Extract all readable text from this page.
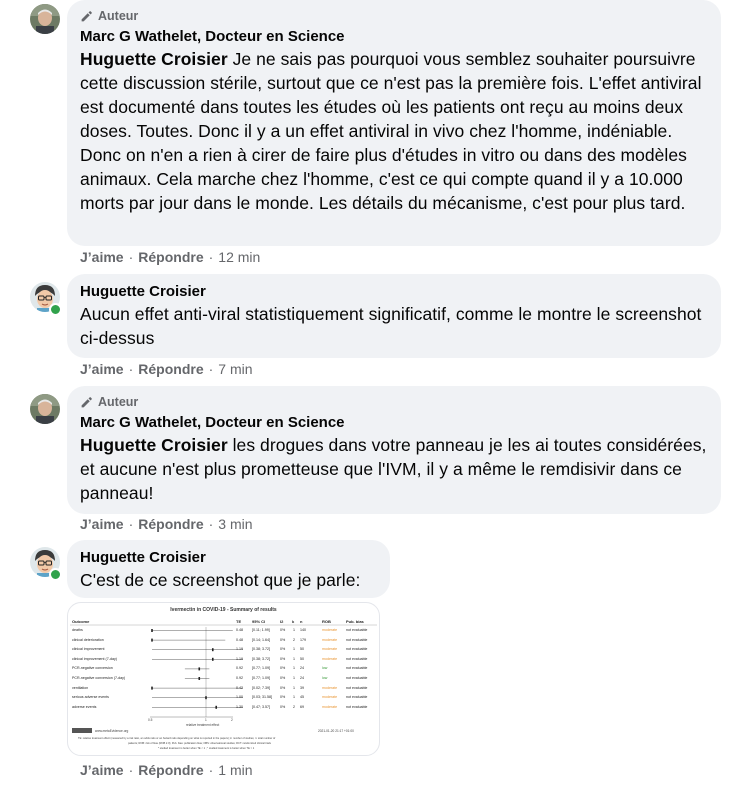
Auteur
Marc G Wathelet, Docteur en Science
Huguette Croisier Je ne sais pas pourquoi vous semblez souhaiter poursuivre cette discussion stérile, surtout que ce n'est pas la première fois. L'effet antiviral est documenté dans toutes les études où les patients ont reçu au moins deux doses. Toutes. Donc il y a un effet antiviral in vivo chez l'homme, indéniable. Donc on n'en a rien à cirer de faire plus d'études in vitro ou dans des modèles animaux. Cela marche chez l'homme, c'est ce qui compte quand il y a 10.000 morts par jour dans le monde. Les détails du mécanisme, c'est pour plus tard.
J’aime · Répondre · 12 min
Huguette Croisier
Aucun effet anti-viral statistiquement significatif, comme le montre le screenshot ci-dessus
J’aime · Répondre · 7 min
Auteur
Marc G Wathelet, Docteur en Science
Huguette Croisier les drogues dans votre panneau je les ai toutes considérées, et aucune n'est plus prometteuse que l'IVM, il y a même le remdisivir dans ce panneau!
J’aime · Répondre · 3 min
Huguette Croisier
C'est de ce screenshot que je parle:
J’aime · Répondre · 1 min
Ivermectin in COVID-19 - Summary of results
Outcome	TE	95% CI	I2 k n	ROB	Pub. bias
deaths	0.48	[0.11; 1.99]	0% 1 140	moderate not evaluable
clinical deterioration	0.48	[0.14; 1.64]	0% 2 179	moderate not evaluable
clinical improvement	1.19	[0.38; 3.72]	0% 1 50	moderate not evaluable
clinical improvement (7-day)	1.19	[0.38; 3.72]	0% 1 50	moderate not evaluable
PCR-negative conversion	0.92	[0.77; 1.09]	0% 1 24	low	not evaluable
PCR-negative conversion (7-day)	0.92	[0.77; 1.09]	0% 1 24	low	not evaluable
ventilation	0.42	[0.02; 7.39]	0% 1 39	moderate not evaluable
serious adverse events	1.00	[0.03; 31.58] 0% 1 45	moderate not evaluable
adverse events	1.30	[0.47; 3.57]	0% 2 69	moderate not evaluable
0.5	1	2
relative treatment effect
www.metaEvidence.org	2021-01-20 21:17 +01:00
TE: relative treatment effect (measured by a risk ratio, an odds ratio or an hazard ratio depending on what is reported in the papers); k: number of studies; n: total number of
patients; ROB: risk of bias (ROB 2.0); Pub. bias: publication bias; OBS: observational studies; RCT: randomized clinical trials
* studied treatment is better when TE < 1 ; ° studied treatment is better when TE > 1
